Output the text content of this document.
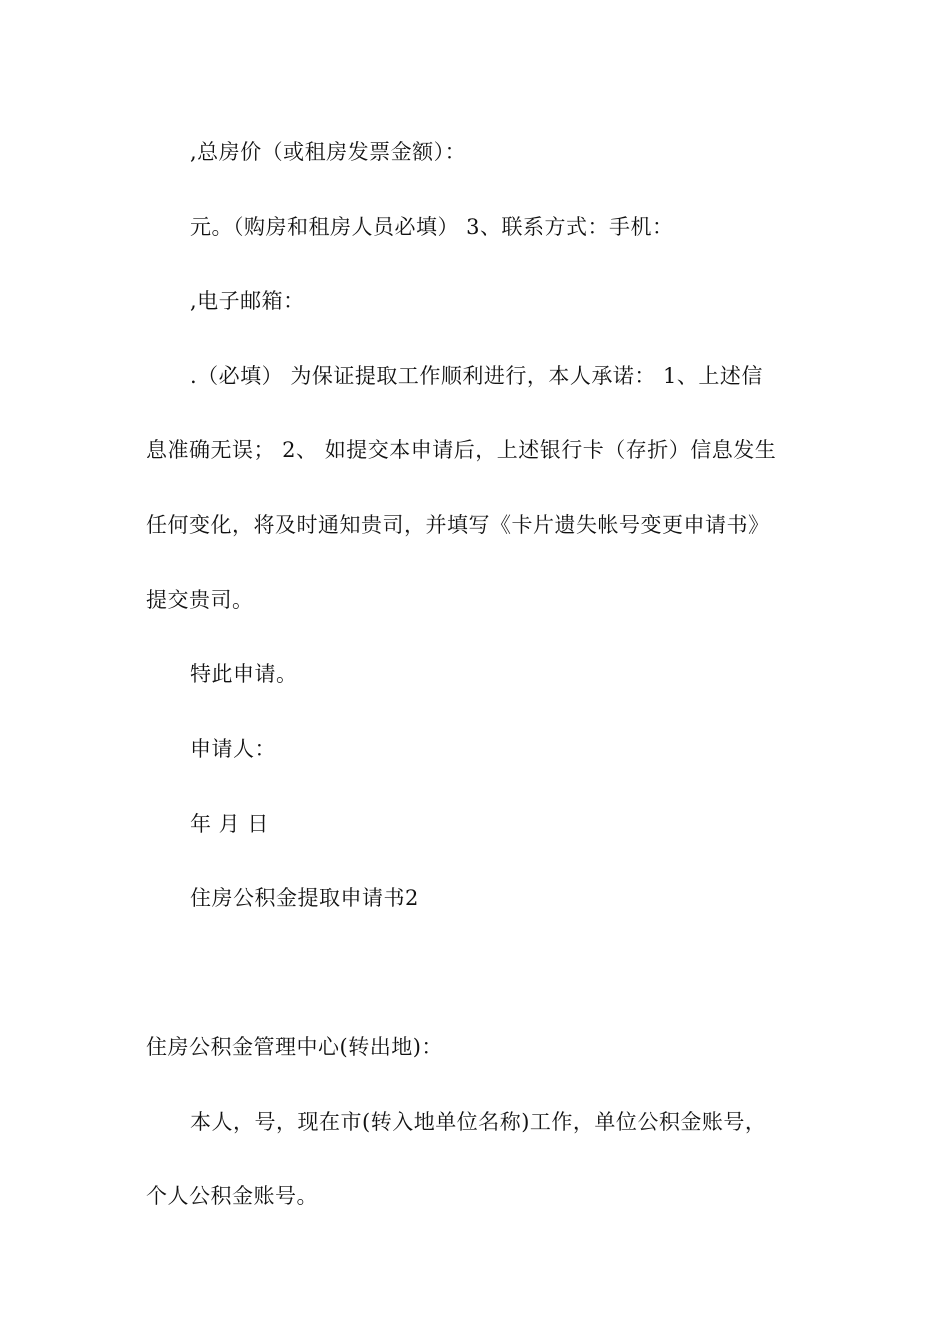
,总房价（或租房发票金额）：
元。（购房和租房人员必填） 3、联系方式：手机：
,电子邮箱：
.（必填） 为保证提取工作顺利进行，本人承诺： 1、上述信
息准确无误； 2、 如提交本申请后，上述银行卡（存折）信息发生
任何变化，将及时通知贵司，并填写《卡片遗失帐号变更申请书》
提交贵司。
特此申请。
申请人：
年 月 日
住房公积金提取申请书2
住房公积金管理中心(转出地)：
本人，号，现在市(转入地单位名称)工作，单位公积金账号，
个人公积金账号。
